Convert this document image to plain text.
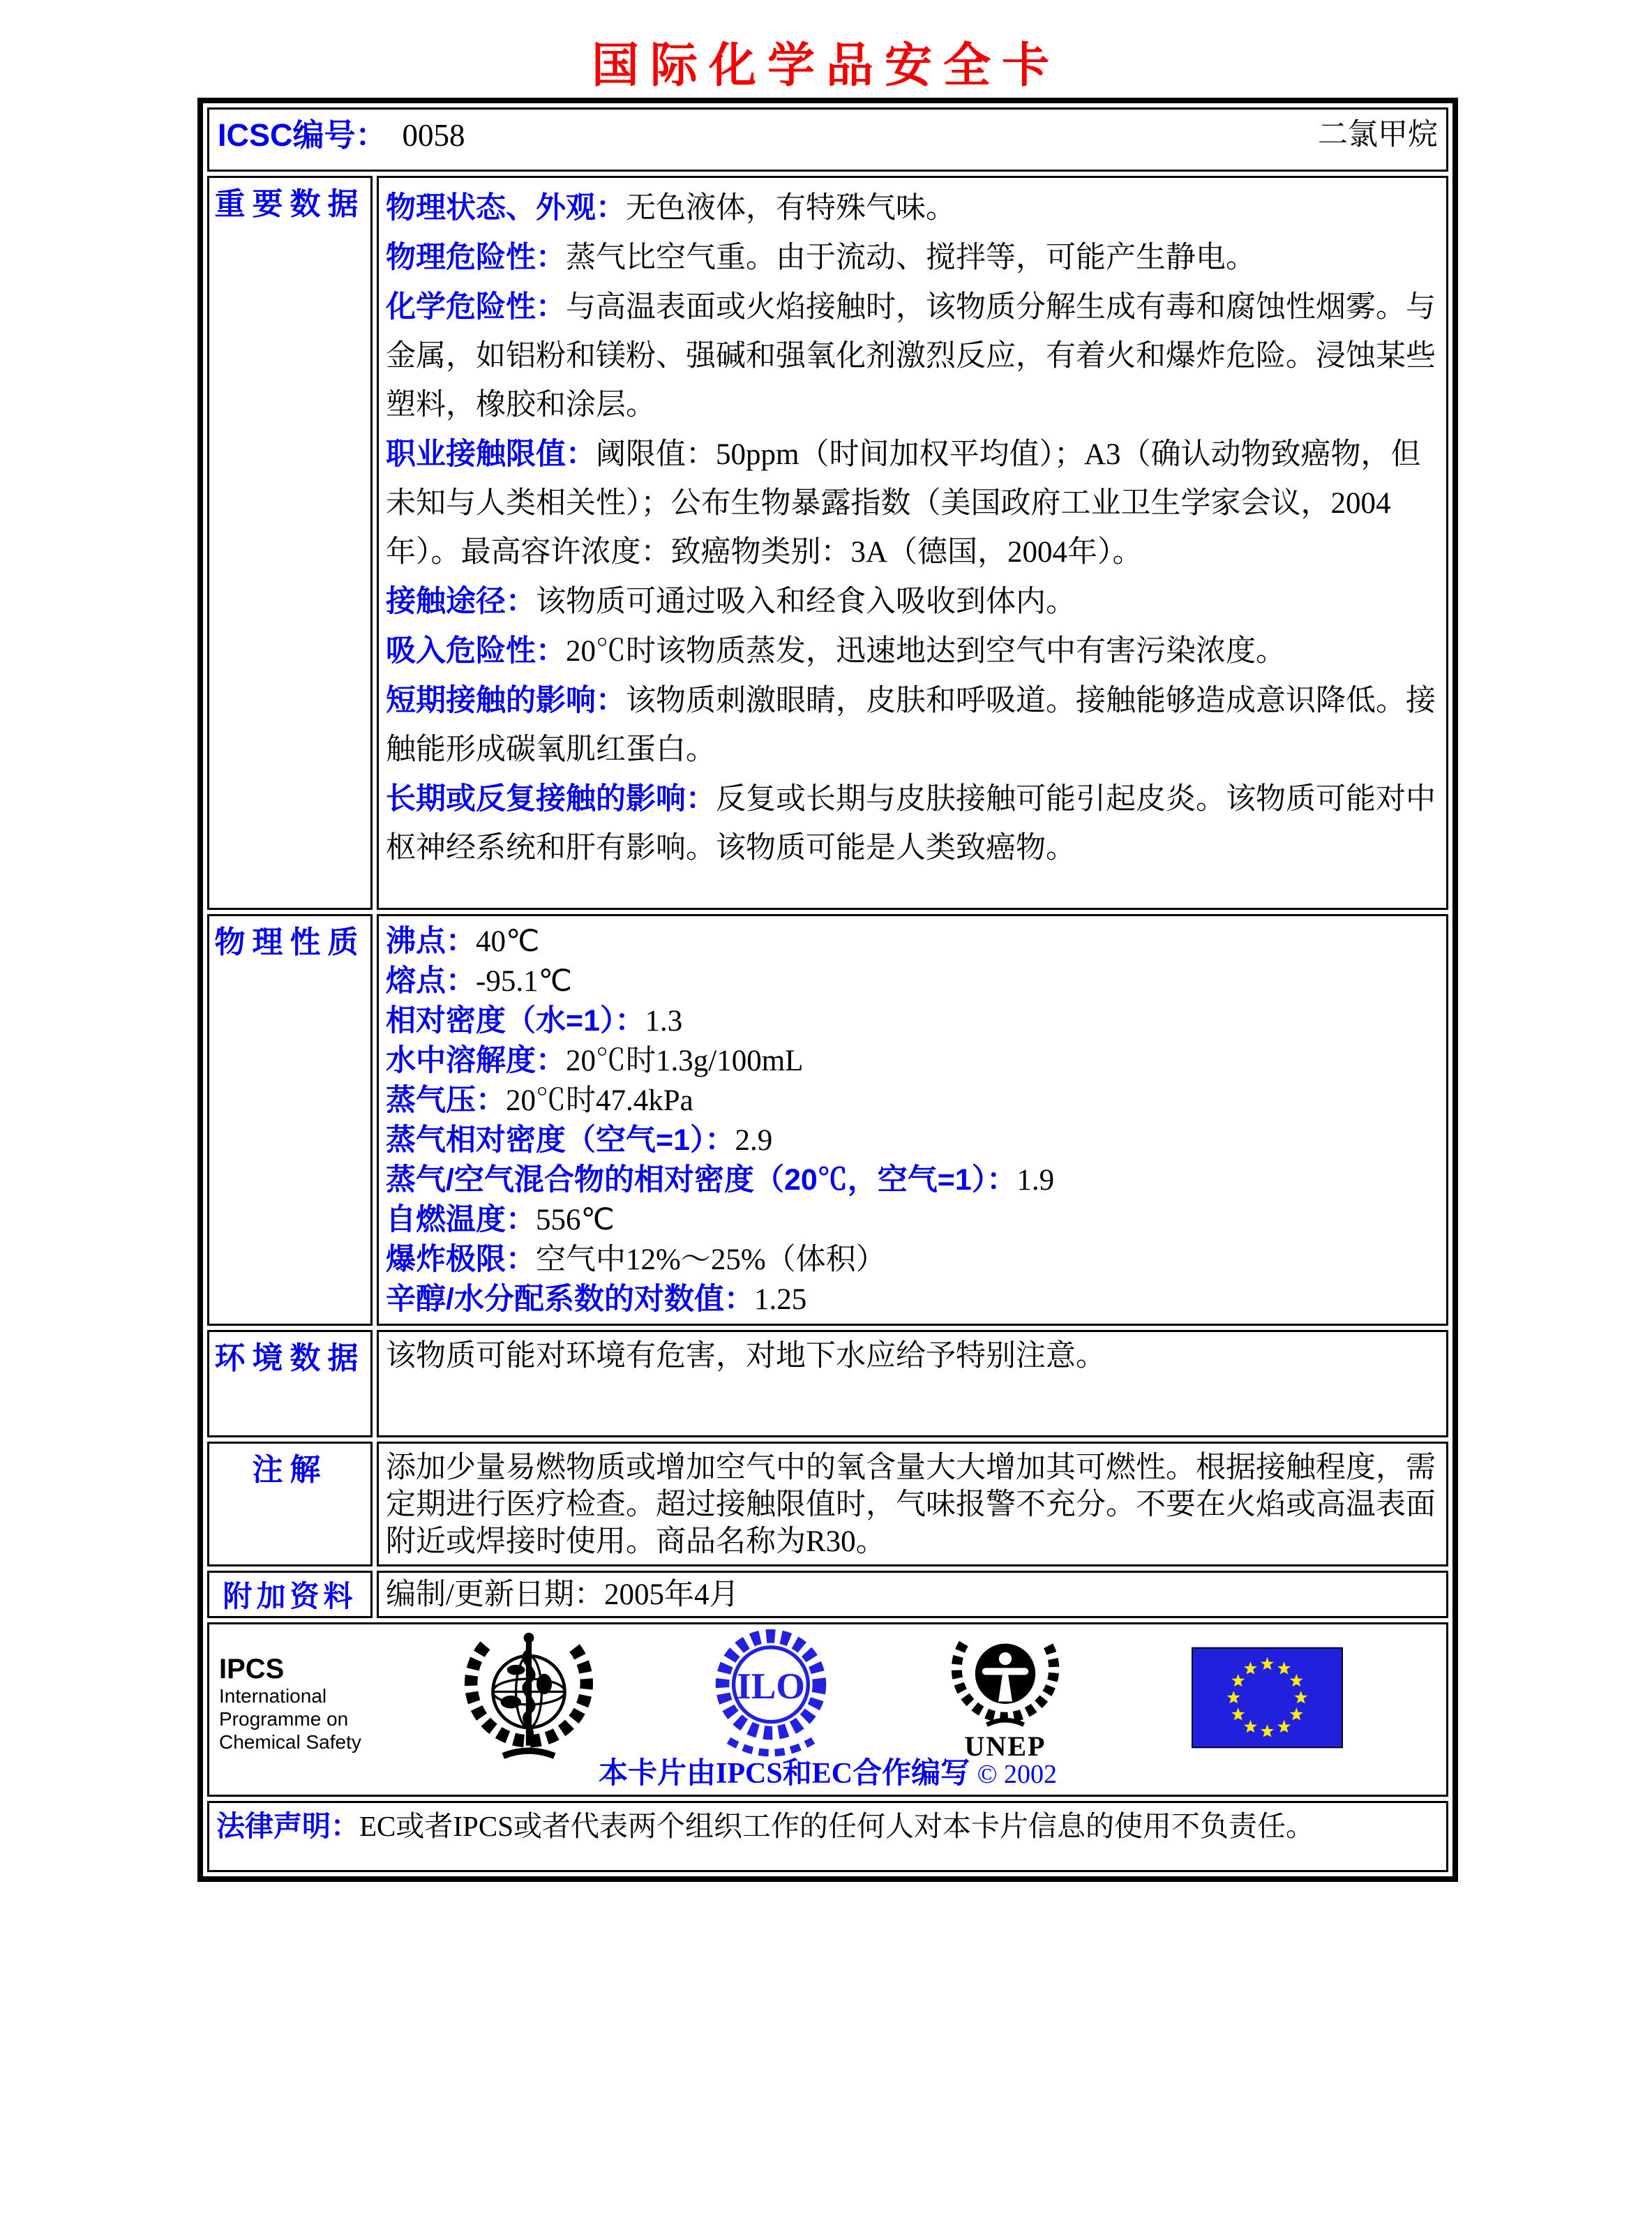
国际化学品安全卡
ICSC编号： 0058 二氯甲烷	

重要数据	物理状态、外观：无色液体，有特殊气味。

物理危险性：蒸气比空气重。由于流动、搅拌等，可能产生静电。

化学危险性：与高温表面或火焰接触时，该物质分解生成有毒和腐蚀性烟雾。与金属，如铝粉和镁粉、强碱和强氧化剂激烈反应，有着火和爆炸危险。浸蚀某些塑料，橡胶和涂层。

职业接触限值：阈限值：50ppm（时间加权平均值）；A3（确认动物致癌物，但未知与人类相关性）；公布生物暴露指数（美国政府工业卫生学家会议，2004年）。最高容许浓度：致癌物类别：3A（德国，2004年）。

接触途径：该物质可通过吸入和经食入吸收到体内。

吸入危险性：20℃时该物质蒸发，迅速地达到空气中有害污染浓度。

短期接触的影响：该物质刺激眼睛，皮肤和呼吸道。接触能够造成意识降低。接触能形成碳氧肌红蛋白。

长期或反复接触的影响：反复或长期与皮肤接触可能引起皮炎。该物质可能对中枢神经系统和肝有影响。该物质可能是人类致癌物。

物理性质	沸点：40℃

熔点：-95.1℃

相对密度（水=1）：1.3

水中溶解度：20℃时1.3g/100mL

蒸气压：20℃时47.4kPa

蒸气相对密度（空气=1）：2.9

蒸气/空气混合物的相对密度（20℃，空气=1）：1.9

自燃温度：556℃

爆炸极限：空气中12%～25%（体积）

辛醇/水分配系数的对数值：1.25

环境数据	该物质可能对环境有危害，对地下水应给予特别注意。

注解	添加少量易燃物质或增加空气中的氧含量大大增加其可燃性。根据接触程度，需定期进行医疗检查。超过接触限值时，气味报警不充分。不要在火焰或高温表面附近或焊接时使用。商品名称为R30。

附加资料	编制/更新日期：2005年4月

IPCS
International
Programme on
Chemical Safety
ILO
UNEP
本卡片由IPCS和EC合作编写 © 2002

法律声明：EC或者IPCS或者代表两个组织工作的任何人对本卡片信息的使用不负责任。	
